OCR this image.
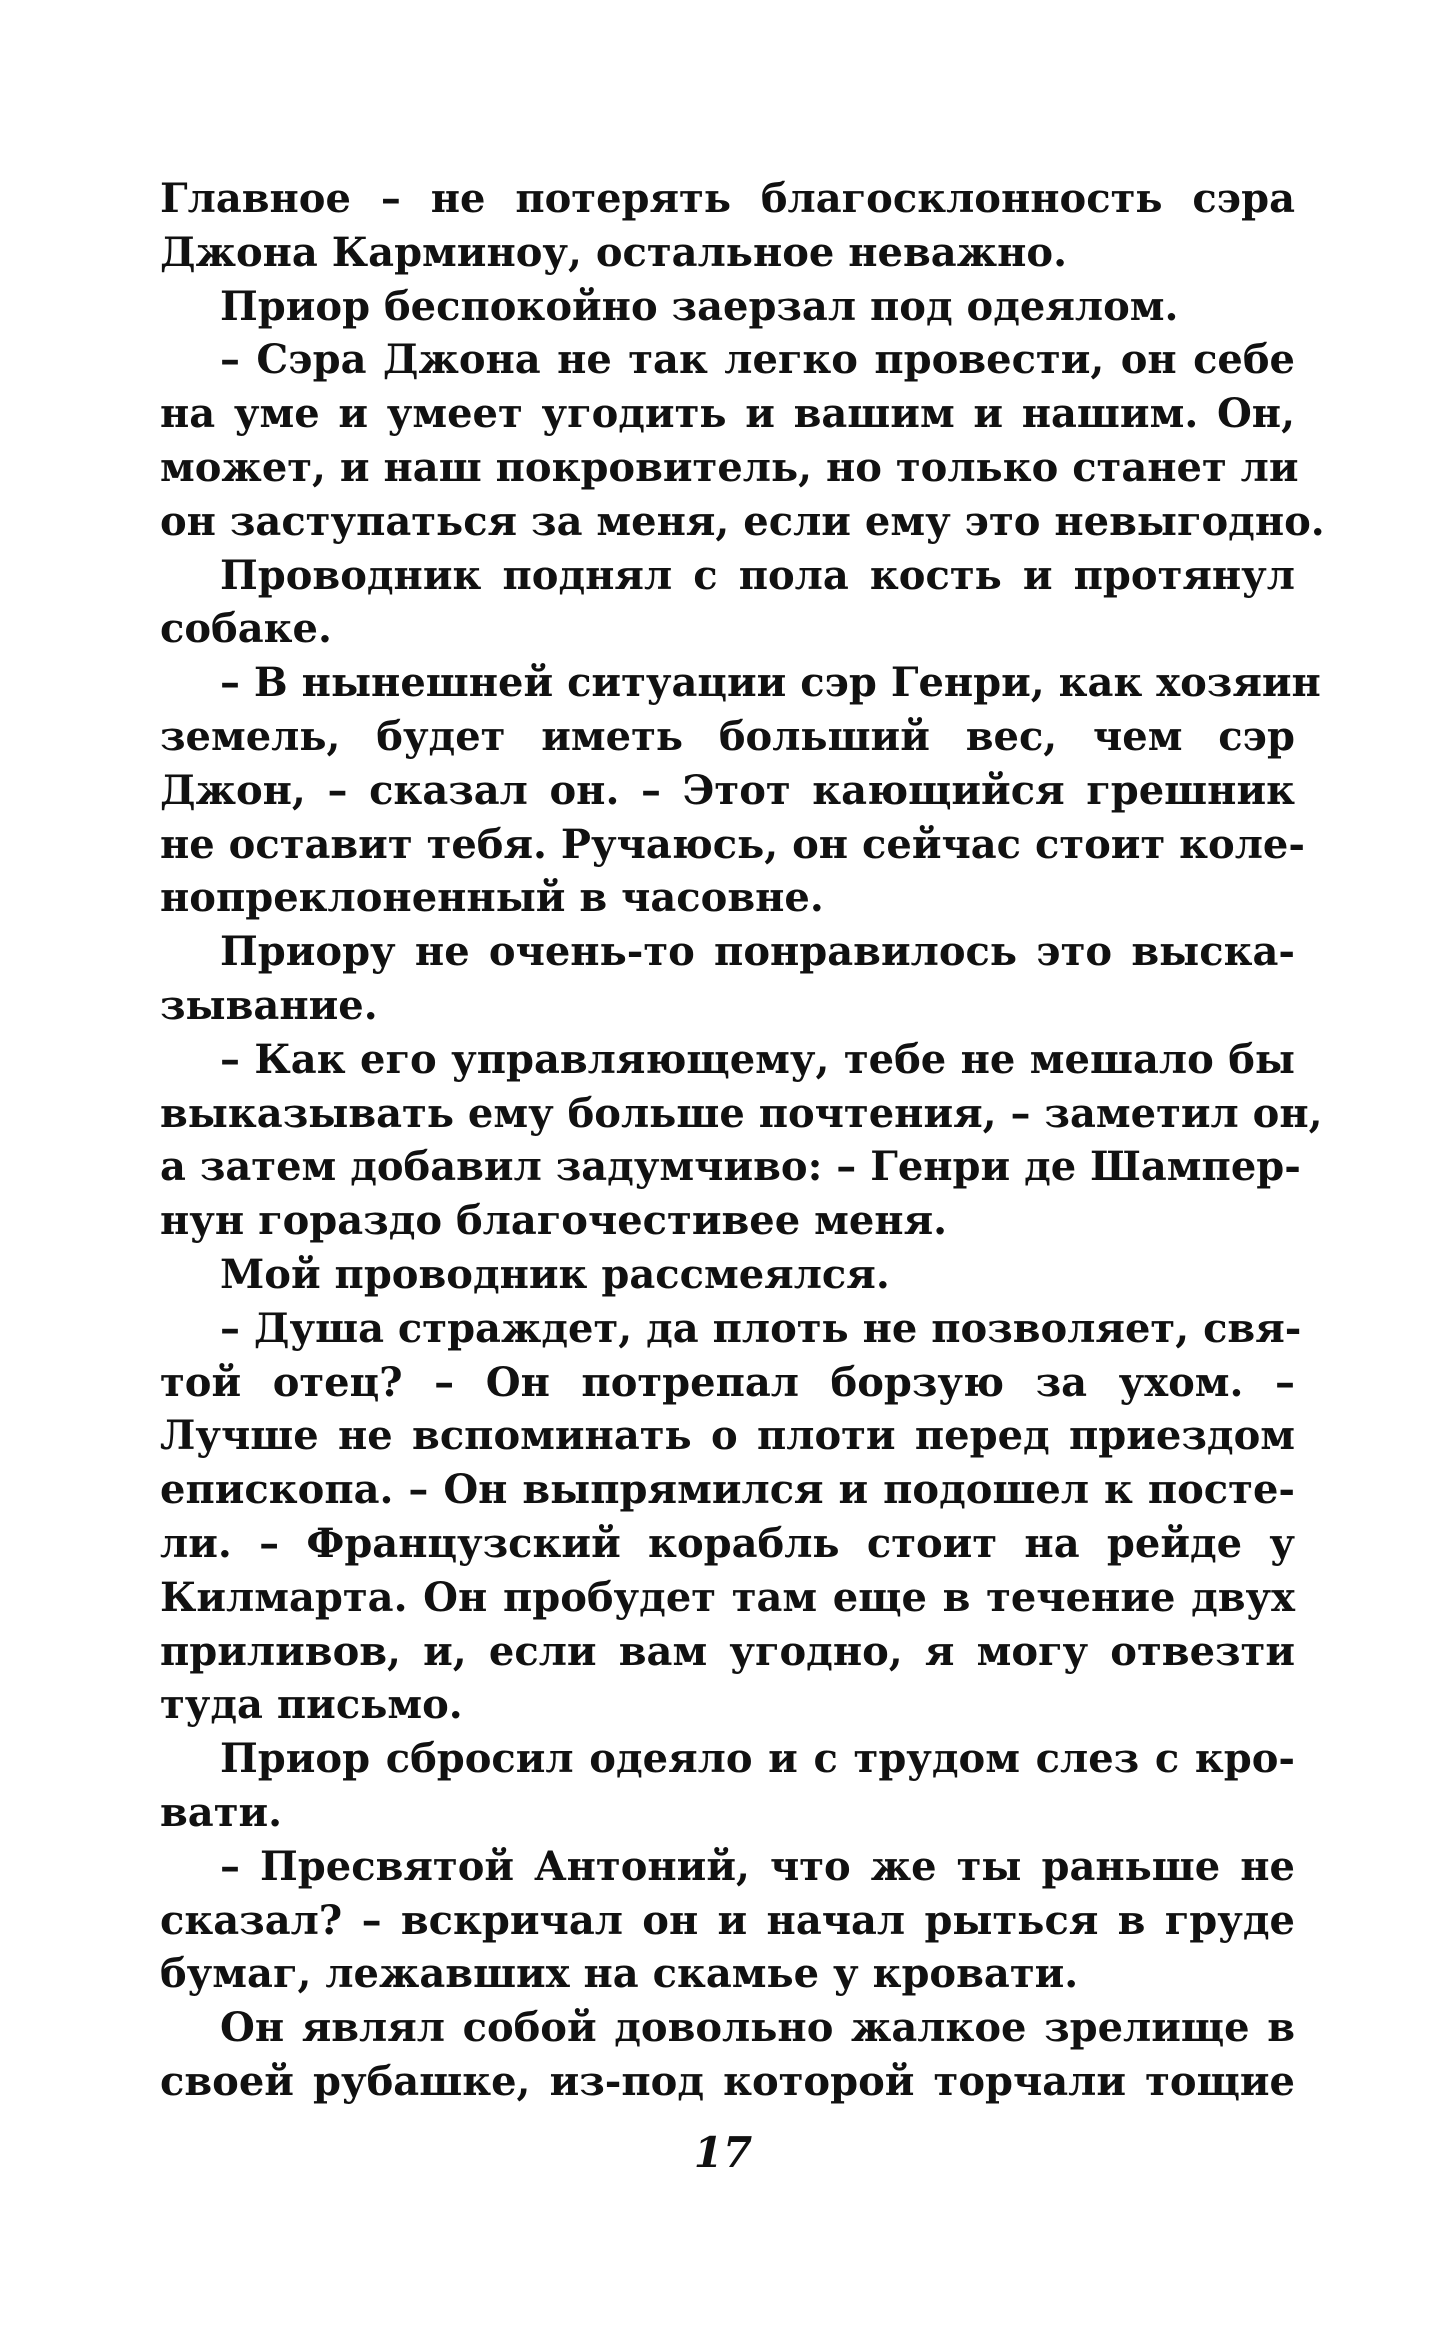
Главное – не потерять благосклонность сэра
Джона Карминоу, остальное неважно.
Приор беспокойно заерзал под одеялом.
– Сэра Джона не так легко провести, он себе
на уме и умеет угодить и вашим и нашим. Он,
может, и наш покровитель, но только станет ли
он заступаться за меня, если ему это невыгодно.
Проводник поднял с пола кость и протянул
собаке.
– В нынешней ситуации сэр Генри, как хозяин
земель, будет иметь больший вес, чем сэр
Джон, – сказал он. – Этот кающийся грешник
не оставит тебя. Ручаюсь, он сейчас стоит коле-
нопреклоненный в часовне.
Приору не очень-то понравилось это выска-
зывание.
– Как его управляющему, тебе не мешало бы
выказывать ему больше почтения, – заметил он,
а затем добавил задумчиво: – Генри де Шампер-
нун гораздо благочестивее меня.
Мой проводник рассмеялся.
– Душа страждет, да плоть не позволяет, свя-
той отец? – Он потрепал борзую за ухом. –
Лучше не вспоминать о плоти перед приездом
епископа. – Он выпрямился и подошел к посте-
ли. – Французский корабль стоит на рейде у
Килмарта. Он пробудет там еще в течение двух
приливов, и, если вам угодно, я могу отвезти
туда письмо.
Приор сбросил одеяло и с трудом слез с кро-
вати.
– Пресвятой Антоний, что же ты раньше не
сказал? – вскричал он и начал рыться в груде
бумаг, лежавших на скамье у кровати.
Он являл собой довольно жалкое зрелище в
своей рубашке, из-под которой торчали тощие
17
